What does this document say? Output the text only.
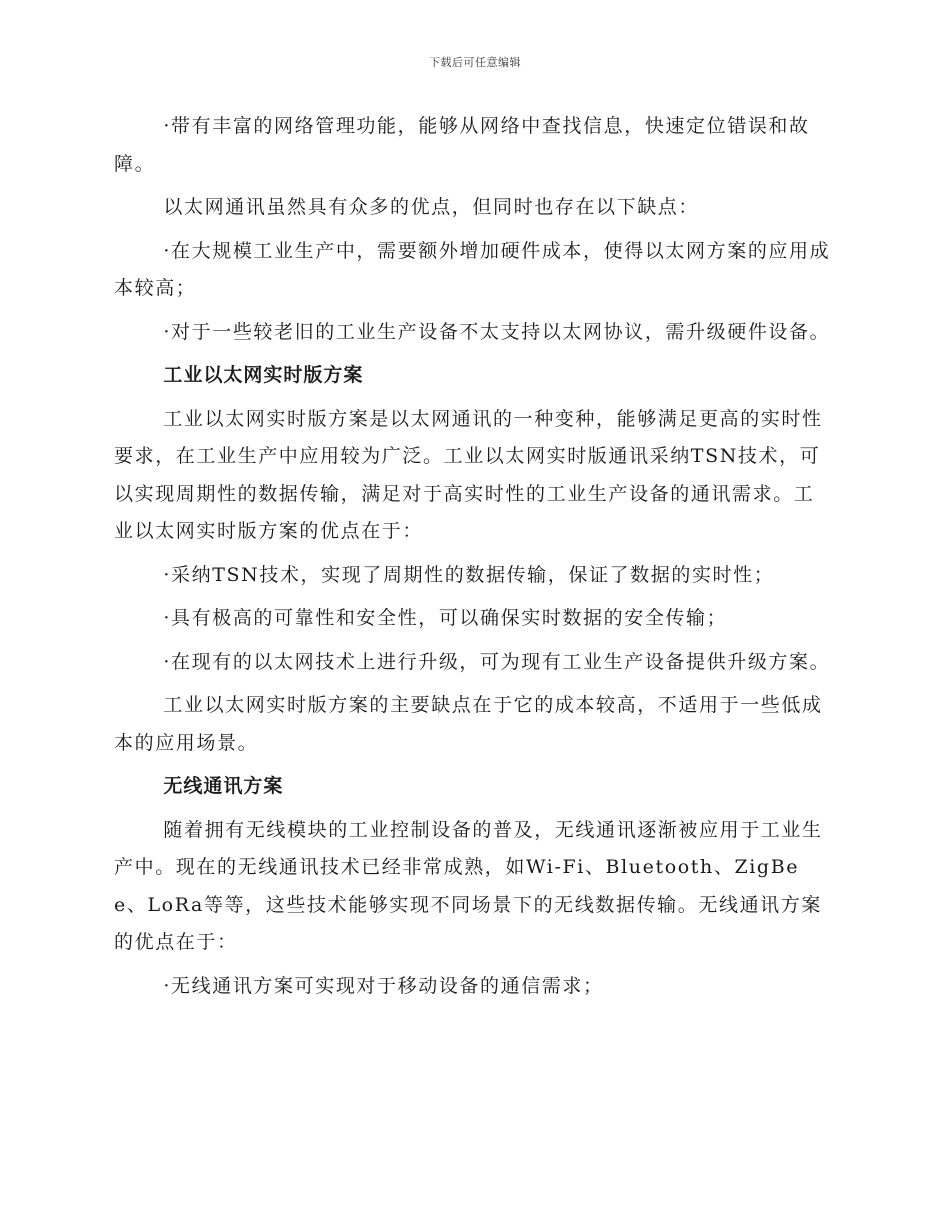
下载后可任意编辑

·带有丰富的网络管理功能，能够从网络中查找信息，快速定位错误和故障。

以太网通讯虽然具有众多的优点，但同时也存在以下缺点：

·在大规模工业生产中，需要额外增加硬件成本，使得以太网方案的应用成本较高；

·对于一些较老旧的工业生产设备不太支持以太网协议，需升级硬件设备。

工业以太网实时版方案

工业以太网实时版方案是以太网通讯的一种变种，能够满足更高的实时性要求，在工业生产中应用较为广泛。工业以太网实时版通讯采纳TSN技术，可以实现周期性的数据传输，满足对于高实时性的工业生产设备的通讯需求。工业以太网实时版方案的优点在于：

·采纳TSN技术，实现了周期性的数据传输，保证了数据的实时性；

·具有极高的可靠性和安全性，可以确保实时数据的安全传输；

·在现有的以太网技术上进行升级，可为现有工业生产设备提供升级方案。

工业以太网实时版方案的主要缺点在于它的成本较高，不适用于一些低成本的应用场景。

无线通讯方案

随着拥有无线模块的工业控制设备的普及，无线通讯逐渐被应用于工业生产中。现在的无线通讯技术已经非常成熟，如Wi-Fi、Bluetooth、ZigBee、LoRa等等，这些技术能够实现不同场景下的无线数据传输。无线通讯方案的优点在于：

·无线通讯方案可实现对于移动设备的通信需求；
